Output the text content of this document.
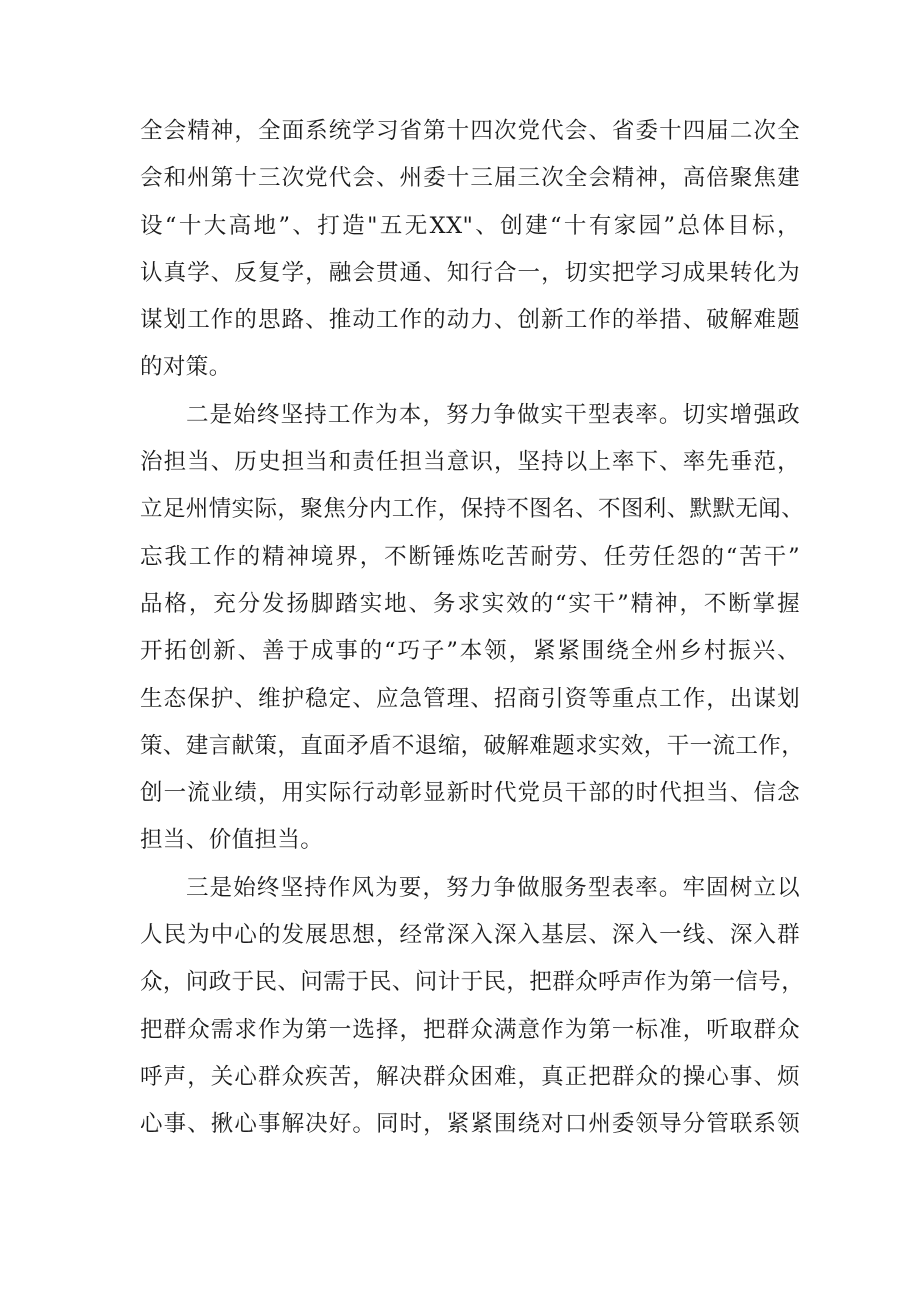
全会精神，全面系统学习省第十四次党代会、省委十四届二次全
会和州第十三次党代会、州委十三届三次全会精神，高倍聚焦建
设“十大高地”、打造"五无XX"、创建“十有家园”总体目标，
认真学、反复学，融会贯通、知行合一，切实把学习成果转化为
谋划工作的思路、推动工作的动力、创新工作的举措、破解难题
的对策。
二是始终坚持工作为本，努力争做实干型表率。切实增强政
治担当、历史担当和责任担当意识，坚持以上率下、率先垂范，
立足州情实际，聚焦分内工作，保持不图名、不图利、默默无闻、
忘我工作的精神境界，不断锤炼吃苦耐劳、任劳任怨的“苦干”
品格，充分发扬脚踏实地、务求实效的“实干”精神，不断掌握
开拓创新、善于成事的“巧子”本领，紧紧围绕全州乡村振兴、
生态保护、维护稳定、应急管理、招商引资等重点工作，出谋划
策、建言献策，直面矛盾不退缩，破解难题求实效，干一流工作，
创一流业绩，用实际行动彰显新时代党员干部的时代担当、信念
担当、价值担当。
三是始终坚持作风为要，努力争做服务型表率。牢固树立以
人民为中心的发展思想，经常深入深入基层、深入一线、深入群
众，问政于民、问需于民、问计于民，把群众呼声作为第一信号，
把群众需求作为第一选择，把群众满意作为第一标准，听取群众
呼声，关心群众疾苦，解决群众困难，真正把群众的操心事、烦
心事、揪心事解决好。同时，紧紧围绕对口州委领导分管联系领
